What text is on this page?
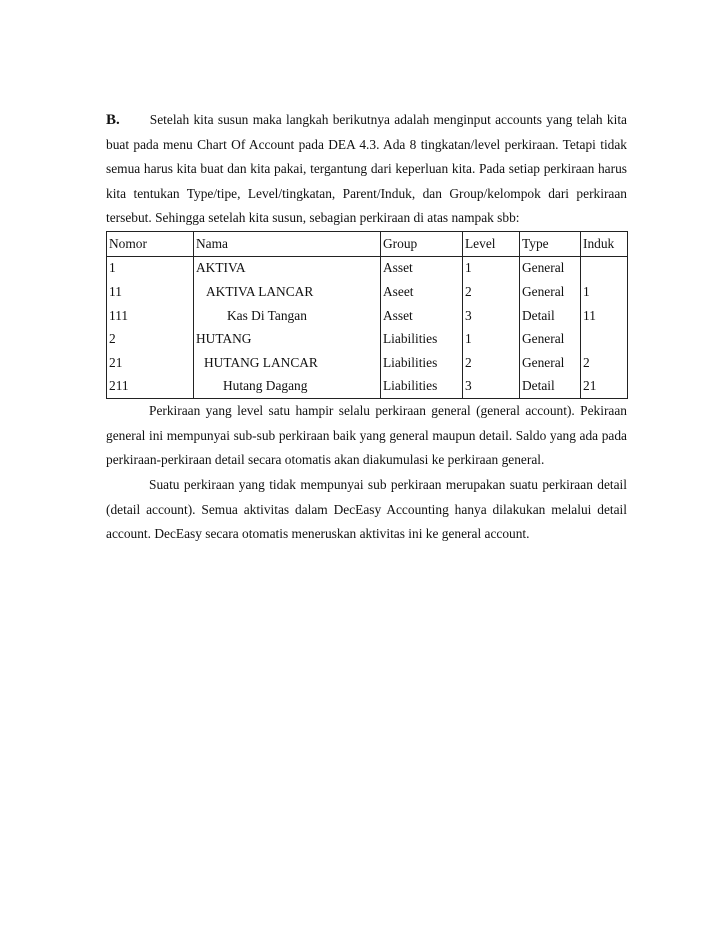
B. Setelah kita susun maka langkah berikutnya adalah menginput accounts yang telah kita buat pada menu Chart Of Account pada DEA 4.3. Ada 8 tingkatan/level perkiraan. Tetapi tidak semua harus kita buat dan kita pakai, tergantung dari keperluan kita. Pada setiap perkiraan harus kita tentukan Type/tipe, Level/tingkatan, Parent/Induk, dan Group/kelompok dari perkiraan tersebut. Sehingga setelah kita susun, sebagian perkiraan di atas nampak sbb:

Nomor	Nama	Group	Level	Type	Induk
1	AKTIVA	Asset	1	General	
11	AKTIVA LANCAR	Aseet	2	General	1
111	Kas Di Tangan	Asset	3	Detail	11
2	HUTANG	Liabilities	1	General	
21	HUTANG LANCAR	Liabilities	2	General	2
211	Hutang Dagang	Liabilities	3	Detail	21

Perkiraan yang level satu hampir selalu perkiraan general (general account). Pekiraan general ini mempunyai sub-sub perkiraan baik yang general maupun detail. Saldo yang ada pada perkiraan-perkiraan detail secara otomatis akan diakumulasi ke perkiraan general.

Suatu perkiraan yang tidak mempunyai sub perkiraan merupakan suatu perkiraan detail (detail account). Semua aktivitas dalam DecEasy Accounting hanya dilakukan melalui detail account. DecEasy secara otomatis meneruskan aktivitas ini ke general account.
